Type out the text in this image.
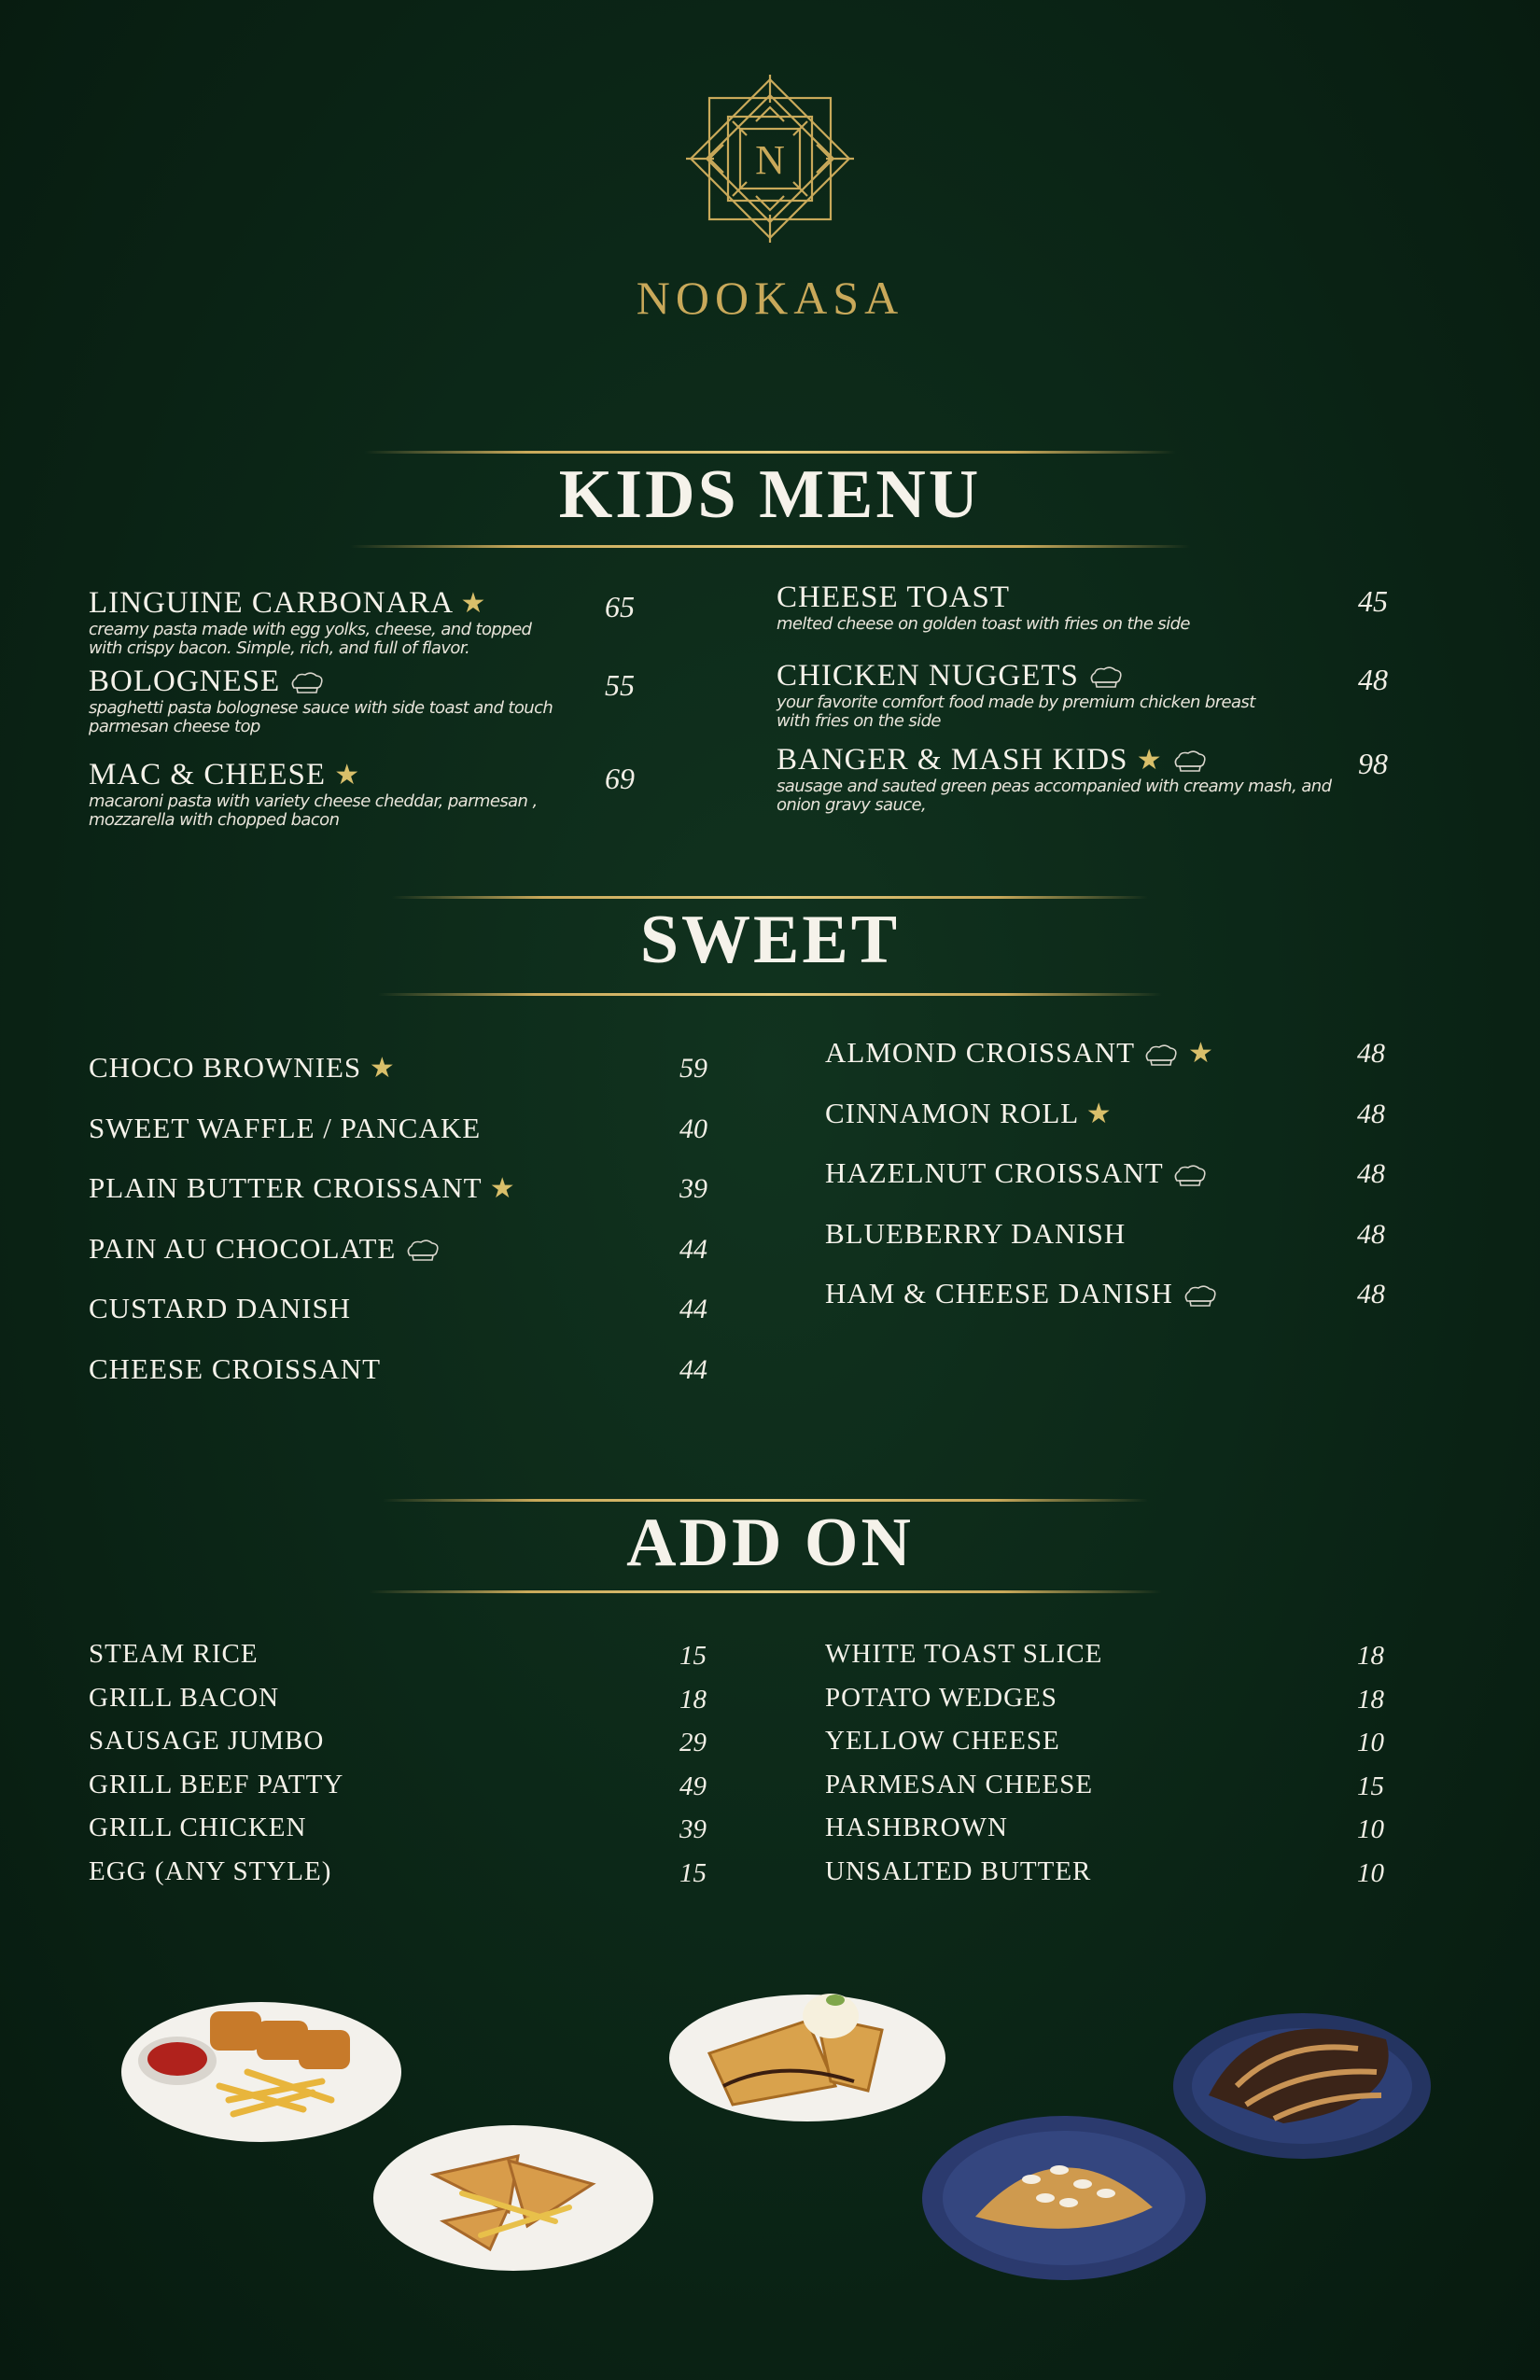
N
NOOKASA
KIDS MENU
LINGUINE CARBONARA ★
creamy pasta made with egg yolks, cheese, and topped
with crispy bacon. Simple, rich, and full of flavor.
65
BOLOGNESE
spaghetti pasta bolognese sauce with side toast and touch
parmesan cheese top
55
MAC & CHEESE ★
macaroni pasta with variety cheese cheddar, parmesan ,
mozzarella with chopped bacon
69
CHEESE TOAST
melted cheese on golden toast with fries on the side
45
CHICKEN NUGGETS
your favorite comfort food made by premium chicken breast
with fries on the side
48
BANGER & MASH KIDS ★
sausage and sauted green peas accompanied with creamy mash, and
onion gravy sauce,
98
SWEET
CHOCO BROWNIES ★	59
SWEET WAFFLE / PANCAKE	40
PLAIN BUTTER CROISSANT ★	39
PAIN AU CHOCOLATE	44
CUSTARD DANISH	44
CHEESE CROISSANT	44
ALMOND CROISSANT ★	48
CINNAMON ROLL ★	48
HAZELNUT CROISSANT	48
BLUEBERRY DANISH	48
HAM & CHEESE DANISH	48
ADD ON
STEAM RICE	15
GRILL BACON	18
SAUSAGE JUMBO	29
GRILL BEEF PATTY	49
GRILL CHICKEN	39
EGG (ANY STYLE)	15
WHITE TOAST SLICE	18
POTATO WEDGES	18
YELLOW CHEESE	10
PARMESAN CHEESE	15
HASHBROWN	10
UNSALTED BUTTER	10
